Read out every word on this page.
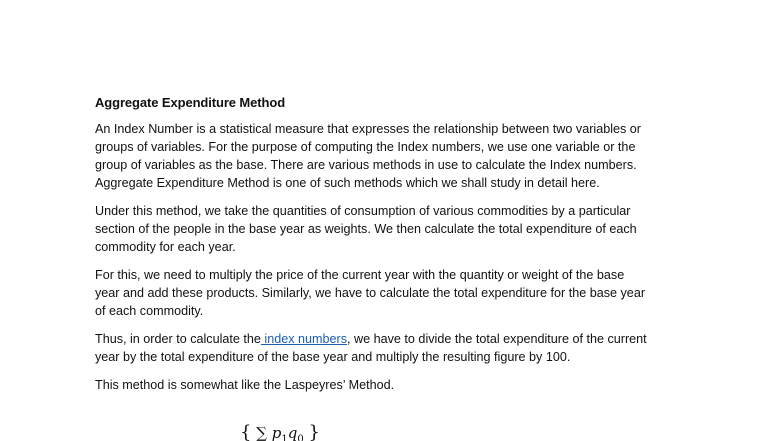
Aggregate Expenditure Method

An Index Number is a statistical measure that expresses the relationship between two variables or
groups of variables. For the purpose of computing the Index numbers, we use one variable or the
group of variables as the base. There are various methods in use to calculate the Index numbers.
Aggregate Expenditure Method is one of such methods which we shall study in detail here.

Under this method, we take the quantities of consumption of various commodities by a particular
section of the people in the base year as weights. We then calculate the total expenditure of each
commodity for each year.

For this, we need to multiply the price of the current year with the quantity or weight of the base
year and add these products. Similarly, we have to calculate the total expenditure for the base year
of each commodity.

Thus, in order to calculate the index numbers, we have to divide the total expenditure of the current
year by the total expenditure of the base year and multiply the resulting figure by 100.

This method is somewhat like the Laspeyres’ Method.

{ ∑ $p_1q_0$ }
